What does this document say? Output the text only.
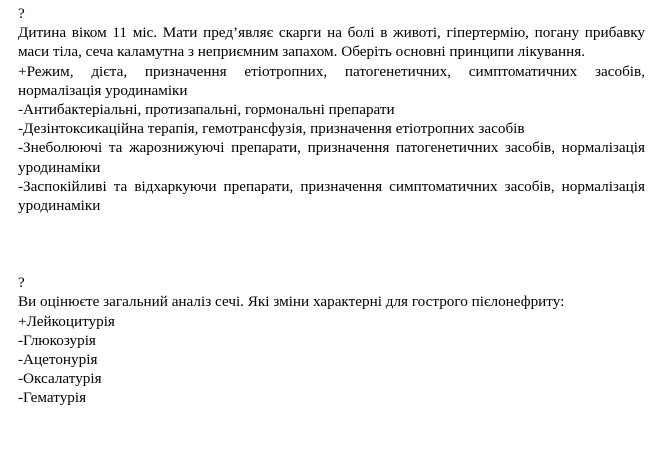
?
Дитина віком 11 міс. Мати пред’являє скарги на болі в животі, гіпертермію, погану прибавку маси тіла, сеча каламутна з неприємним запахом. Оберіть основні принципи лікування.
+Режим, дієта, призначення етіотропних, патогенетичних, симптоматичних засобів, нормалізація уродинаміки
-Антибактеріальні, протизапальні, гормональні препарати
-Дезінтоксикаційна терапія, гемотрансфузія, призначення етіотропних засобів
-Знеболюючі та жарознижуючі препарати, призначення патогенетичних засобів, нормалізація уродинаміки
-Заспокійливі та відхаркуючи препарати, призначення симптоматичних засобів, нормалізація уродинаміки
?
Ви оцінюєте загальний аналіз сечі. Які зміни характерні для гострого пієлонефриту:
+Лейкоцитурія
-Глюкозурія
-Ацетонурія
-Оксалатурія
-Гематурія
